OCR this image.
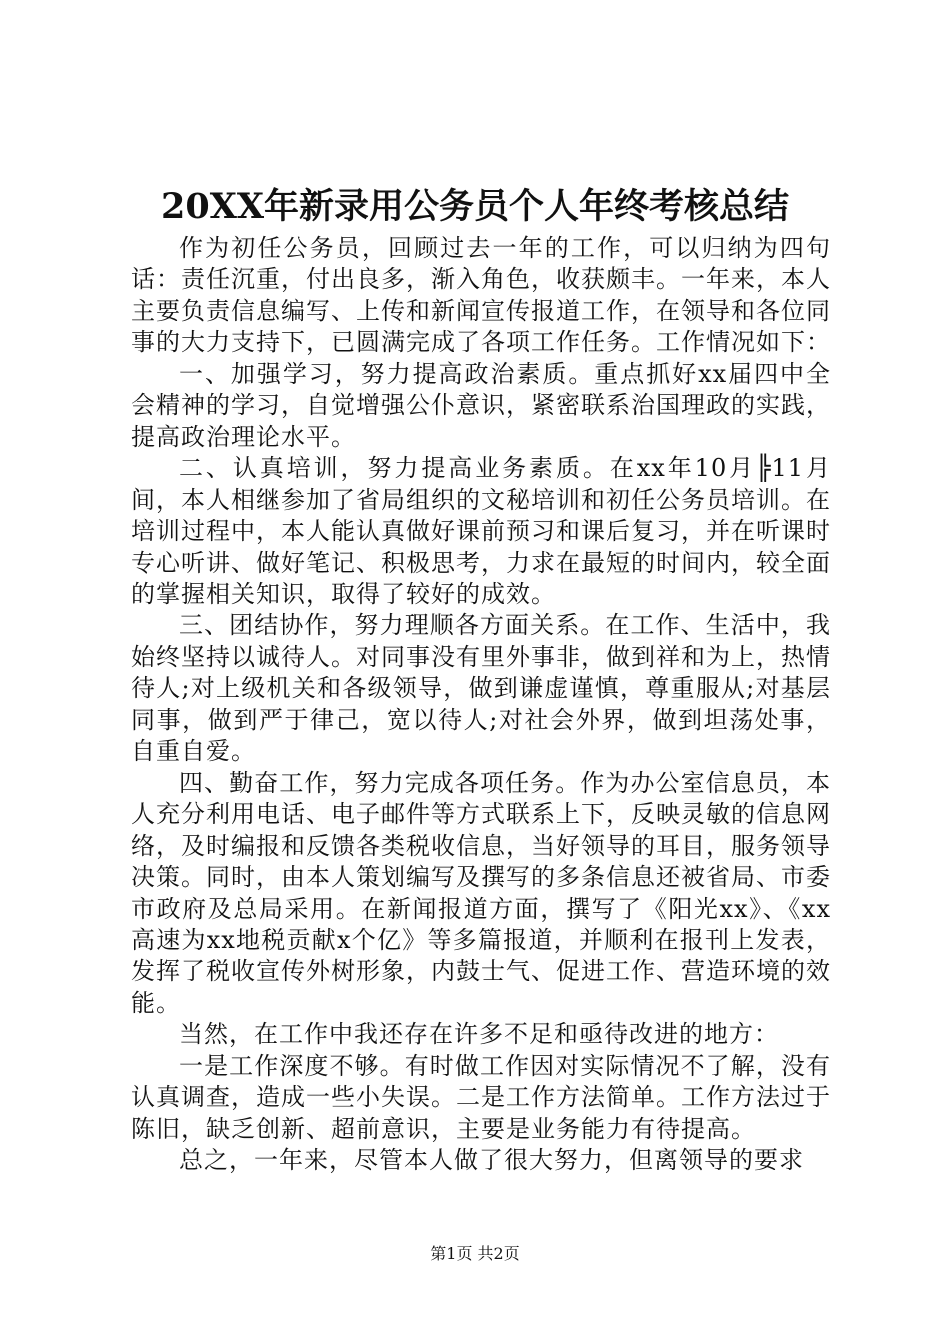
20XX年新录用公务员个人年终考核总结

作为初任公务员，回顾过去一年的工作，可以归纳为四句话：责任沉重，付出良多，渐入角色，收获颇丰。一年来，本人主要负责信息编写、上传和新闻宣传报道工作，在领导和各位同事的大力支持下，已圆满完成了各项工作任务。工作情况如下：

一、加强学习，努力提高政治素质。重点抓好xx届四中全会精神的学习，自觉增强公仆意识，紧密联系治国理政的实践，提高政治理论水平。

二、认真培训，努力提高业务素质。在xx年10月╠11月间，本人相继参加了省局组织的文秘培训和初任公务员培训。在培训过程中，本人能认真做好课前预习和课后复习，并在听课时专心听讲、做好笔记、积极思考，力求在最短的时间内，较全面的掌握相关知识，取得了较好的成效。

三、团结协作，努力理顺各方面关系。在工作、生活中，我始终坚持以诚待人。对同事没有里外事非，做到祥和为上，热情待人;对上级机关和各级领导，做到谦虚谨慎，尊重服从;对基层同事，做到严于律己，宽以待人;对社会外界，做到坦荡处事，自重自爱。

四、勤奋工作，努力完成各项任务。作为办公室信息员，本人充分利用电话、电子邮件等方式联系上下，反映灵敏的信息网络，及时编报和反馈各类税收信息，当好领导的耳目，服务领导决策。同时，由本人策划编写及撰写的多条信息还被省局、市委市政府及总局采用。在新闻报道方面，撰写了《阳光xx》、《xx高速为xx地税贡献x个亿》等多篇报道，并顺利在报刊上发表，发挥了税收宣传外树形象，内鼓士气、促进工作、营造环境的效能。

当然，在工作中我还存在许多不足和亟待改进的地方：

一是工作深度不够。有时做工作因对实际情况不了解，没有认真调查，造成一些小失误。二是工作方法简单。工作方法过于陈旧，缺乏创新、超前意识，主要是业务能力有待提高。

总之，一年来，尽管本人做了很大努力，但离领导的要求

第1页 共2页
